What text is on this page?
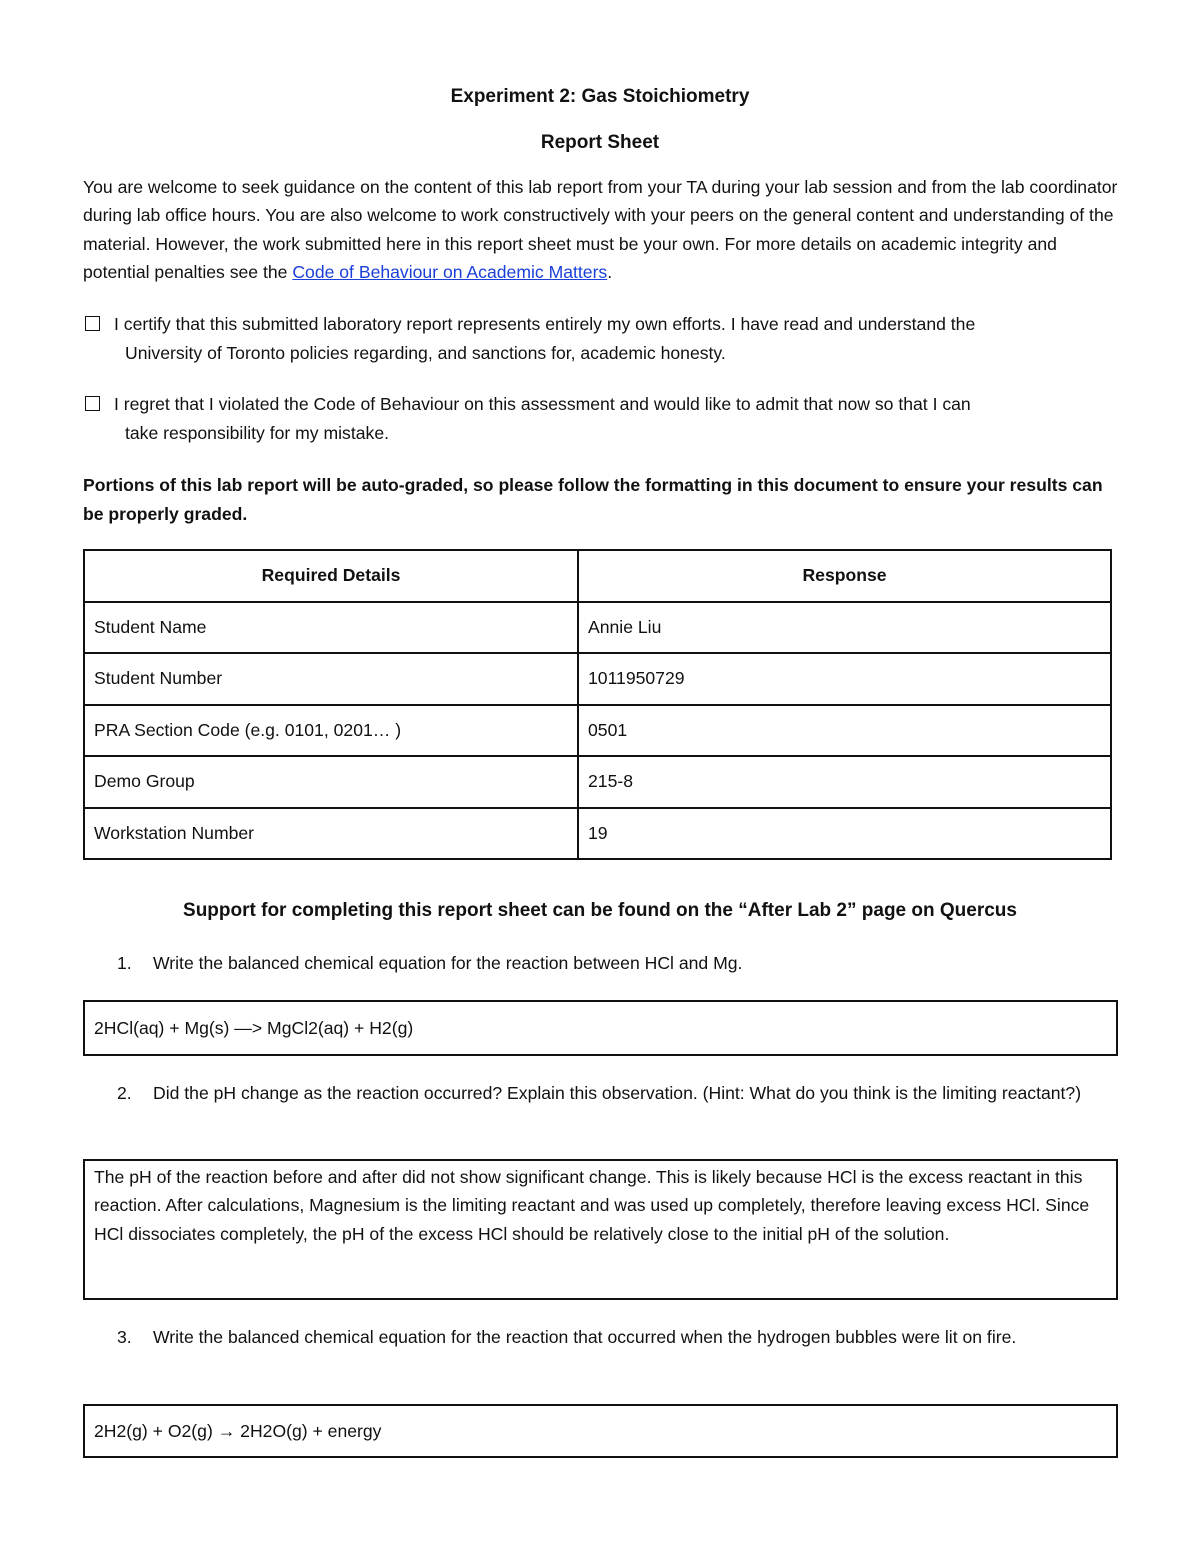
Experiment 2: Gas Stoichiometry
Report Sheet
You are welcome to seek guidance on the content of this lab report from your TA during your lab session and from the lab coordinator during lab office hours. You are also welcome to work constructively with your peers on the general content and understanding of the material. However, the work submitted here in this report sheet must be your own. For more details on academic integrity and potential penalties see the Code of Behaviour on Academic Matters.
I certify that this submitted laboratory report represents entirely my own efforts. I have read and understand the
University of Toronto policies regarding, and sanctions for, academic honesty.
I regret that I violated the Code of Behaviour on this assessment and would like to admit that now so that I can
take responsibility for my mistake.
Portions of this lab report will be auto-graded, so please follow the formatting in this document to ensure your results can be properly graded.
Required Details	Response
Student Name	Annie Liu
Student Number	1011950729
PRA Section Code (e.g. 0101, 0201… )	0501
Demo Group	215-8
Workstation Number	19
Support for completing this report sheet can be found on the “After Lab 2” page on Quercus
1.	Write the balanced chemical equation for the reaction between HCl and Mg.
2HCl(aq) + Mg(s) —> MgCl2(aq) + H2(g)
2.	Did the pH change as the reaction occurred? Explain this observation. (Hint: What do you think is the limiting reactant?)
The pH of the reaction before and after did not show significant change. This is likely because HCl is the excess reactant in this reaction. After calculations, Magnesium is the limiting reactant and was used up completely, therefore leaving excess HCl. Since HCl dissociates completely, the pH of the excess HCl should be relatively close to the initial pH of the solution.
3.	Write the balanced chemical equation for the reaction that occurred when the hydrogen bubbles were lit on fire.
2H2(g) + O2(g) → 2H2O(g) + energy
